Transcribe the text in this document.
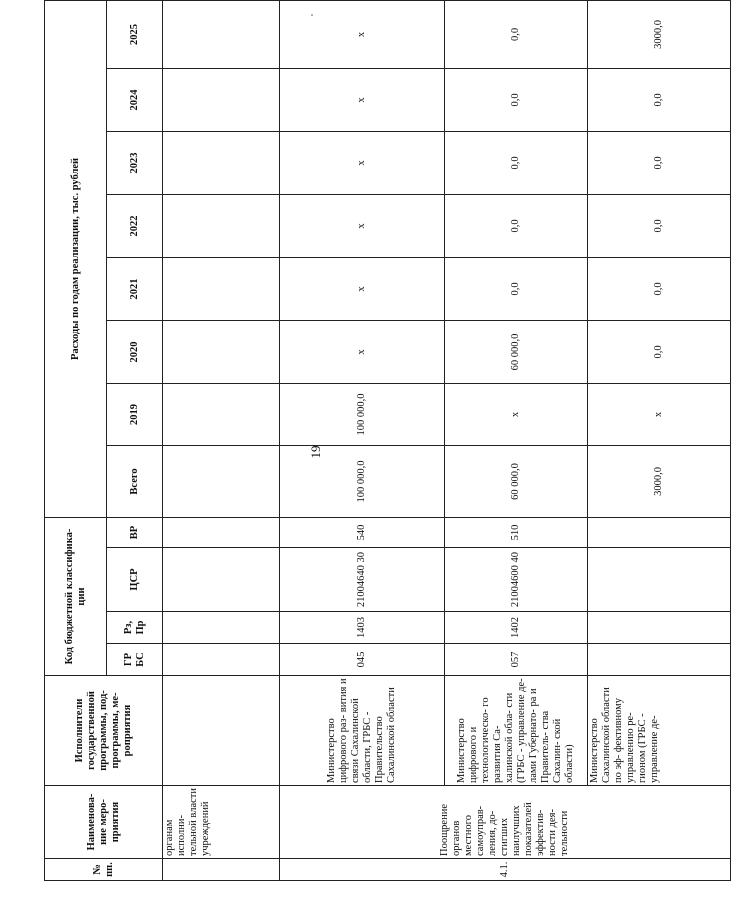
19
№ пп.	Наименова- ние меро- приятия	Исполнители государственной программы, под- программы, ме- роприятия	Код бюджетной классифика- ции				Расходы по годам реализации, тыс. рублей							
			ГР БС	Рз, Пр	ЦСР	ВР	Всего	2019	2020	2021	2022	2023	2024	2025
	органам исполни- тельной власти учреждений													
4.1.	Поощрение органов местного самоуправ- ления, до- стигших наилучших показателей эффектив- ности дея- тельности	Министерство цифрового раз- вития и связи Сахалинской области, ГРБС - Правительство Сахалинской области	045	1403	21004640 30	540	100 000,0	100 000,0	х	х	х	х	х	х
		Министерство цифрового и технологическо- го развития Са- халинской обла- сти (ГРБС - управление де- лами Губернато- ра и Правитель- ства Сахалин- ской области)	057	1402	21004600 40	510	60 000,0	х	60 000,0	0,0	0,0	0,0	0,0	0,0
		Министерство Сахалинской области по эф- фективному управлению ре- гионом (ГРБС - управление де-					3000,0	х	0,0	0,0	0,0	0,0	0,0	3000,0
